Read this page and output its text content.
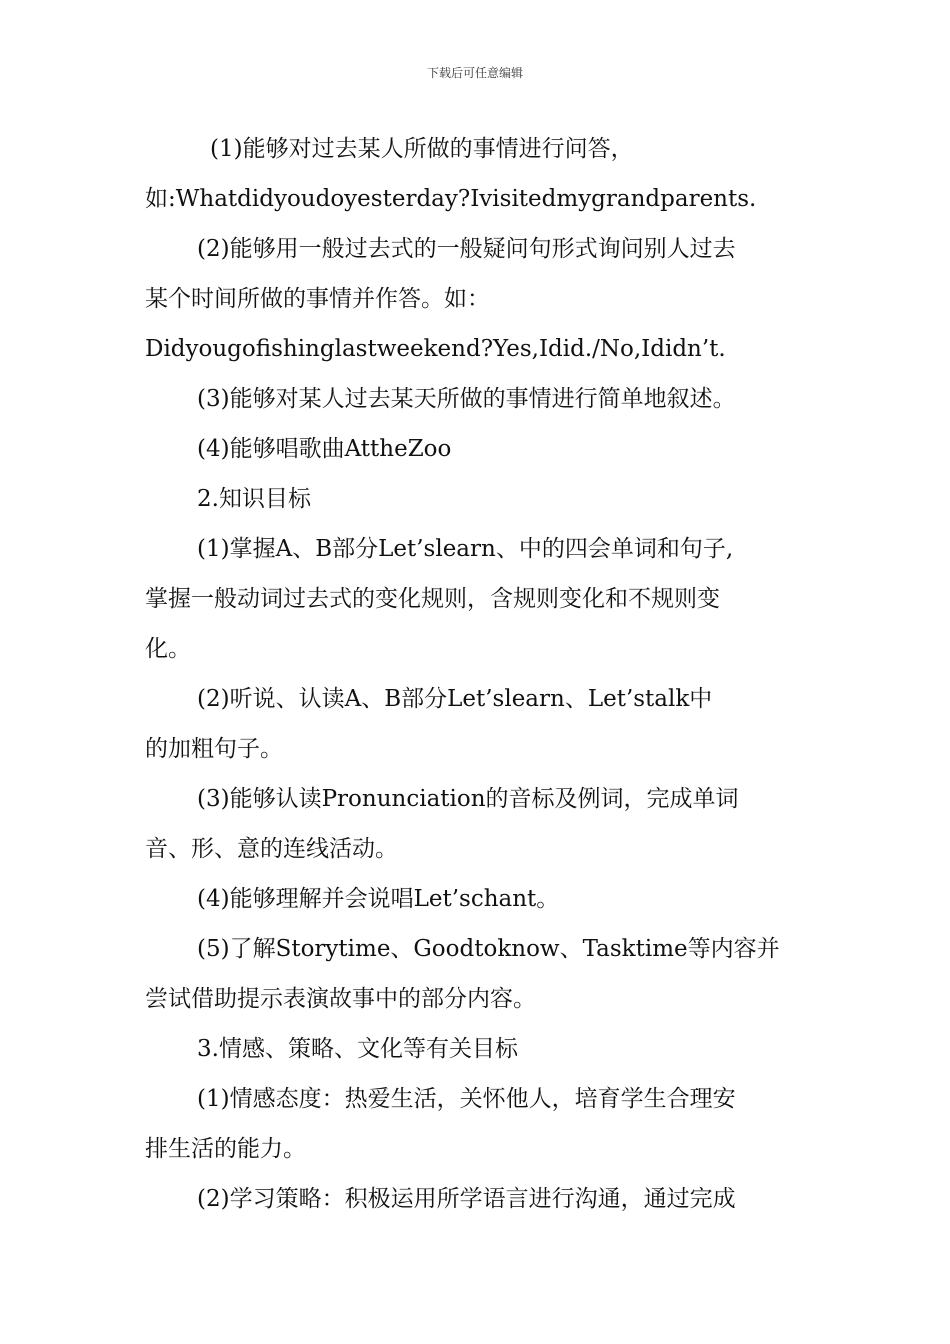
下载后可任意编辑
(1)能够对过去某人所做的事情进行问答，
如:Whatdidyoudoyesterday?Ivisitedmygrandparents.
(2)能够用一般过去式的一般疑问句形式询问别人过去
某个时间所做的事情并作答。如：
Didyougofishinglastweekend?Yes,Idid./No,Ididn’t.
(3)能够对某人过去某天所做的事情进行简单地叙述。
(4)能够唱歌曲AttheZoo
2.知识目标
(1)掌握A、B部分Let’slearn、中的四会单词和句子,
掌握一般动词过去式的变化规则，含规则变化和不规则变
化。
(2)听说、认读A、B部分Let’slearn、Let’stalk中
的加粗句子。
(3)能够认读Pronunciation的音标及例词，完成单词
音、形、意的连线活动。
(4)能够理解并会说唱Let’schant。
(5)了解Storytime、Goodtoknow、Tasktime等内容并
尝试借助提示表演故事中的部分内容。
3.情感、策略、文化等有关目标
(1)情感态度：热爱生活，关怀他人，培育学生合理安
排生活的能力。
(2)学习策略：积极运用所学语言进行沟通，通过完成
